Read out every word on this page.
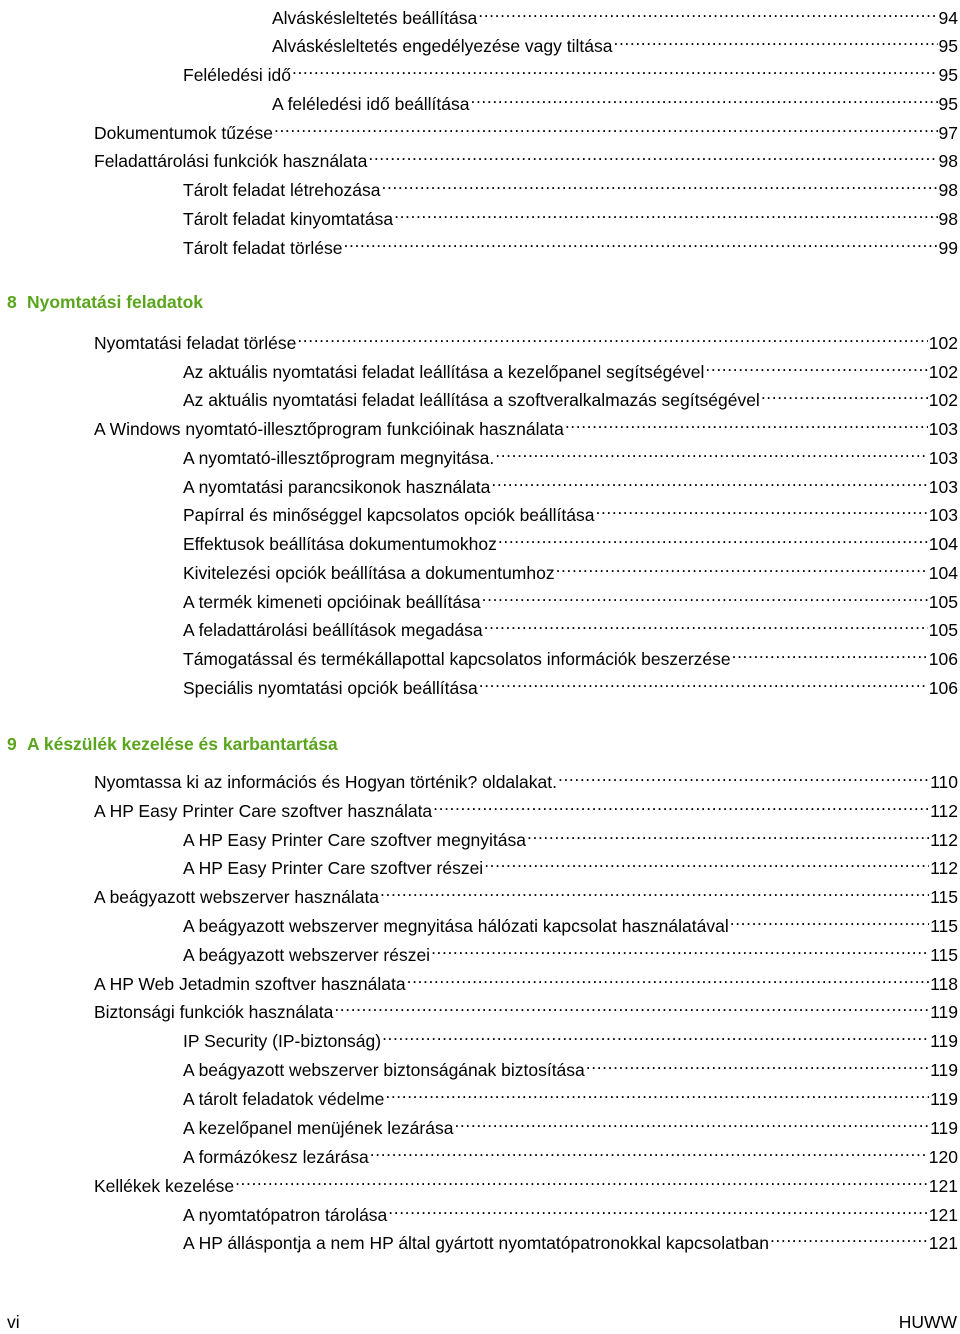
Alváskésleltetés beállítása .....	94
Alváskésleltetés engedélyezése vagy tiltása .....	95
Feléledési idő .....	95
A feléledési idő beállítása .....	95
Dokumentumok tűzése .....	97
Feladattárolási funkciók használata .....	98
Tárolt feladat létrehozása .....	98
Tárolt feladat kinyomtatása .....	98
Tárolt feladat törlése .....	99
8 Nyomtatási feladatok
Nyomtatási feladat törlése .....	102
Az aktuális nyomtatási feladat leállítása a kezelőpanel segítségével .....	102
Az aktuális nyomtatási feladat leállítása a szoftveralkalmazás segítségével .....	102
A Windows nyomtató-illesztőprogram funkcióinak használata .....	103
A nyomtató-illesztőprogram megnyitása. .....	103
A nyomtatási parancsikonok használata .....	103
Papírral és minőséggel kapcsolatos opciók beállítása .....	103
Effektusok beállítása dokumentumokhoz .....	104
Kivitelezési opciók beállítása a dokumentumhoz .....	104
A termék kimeneti opcióinak beállítása .....	105
A feladattárolási beállítások megadása .....	105
Támogatással és termékállapottal kapcsolatos információk beszerzése .....	106
Speciális nyomtatási opciók beállítása .....	106
9 A készülék kezelése és karbantartása
Nyomtassa ki az információs és Hogyan történik? oldalakat. .....	110
A HP Easy Printer Care szoftver használata .....	112
A HP Easy Printer Care szoftver megnyitása .....	112
A HP Easy Printer Care szoftver részei .....	112
A beágyazott webszerver használata .....	115
A beágyazott webszerver megnyitása hálózati kapcsolat használatával .....	115
A beágyazott webszerver részei .....	115
A HP Web Jetadmin szoftver használata .....	118
Biztonsági funkciók használata .....	119
IP Security (IP-biztonság) .....	119
A beágyazott webszerver biztonságának biztosítása .....	119
A tárolt feladatok védelme .....	119
A kezelőpanel menüjének lezárása .....	119
A formázókesz lezárása .....	120
Kellékek kezelése .....	121
A nyomtatópatron tárolása .....	121
A HP álláspontja a nem HP által gyártott nyomtatópatronokkal kapcsolatban .....	121
vi	HUWW
